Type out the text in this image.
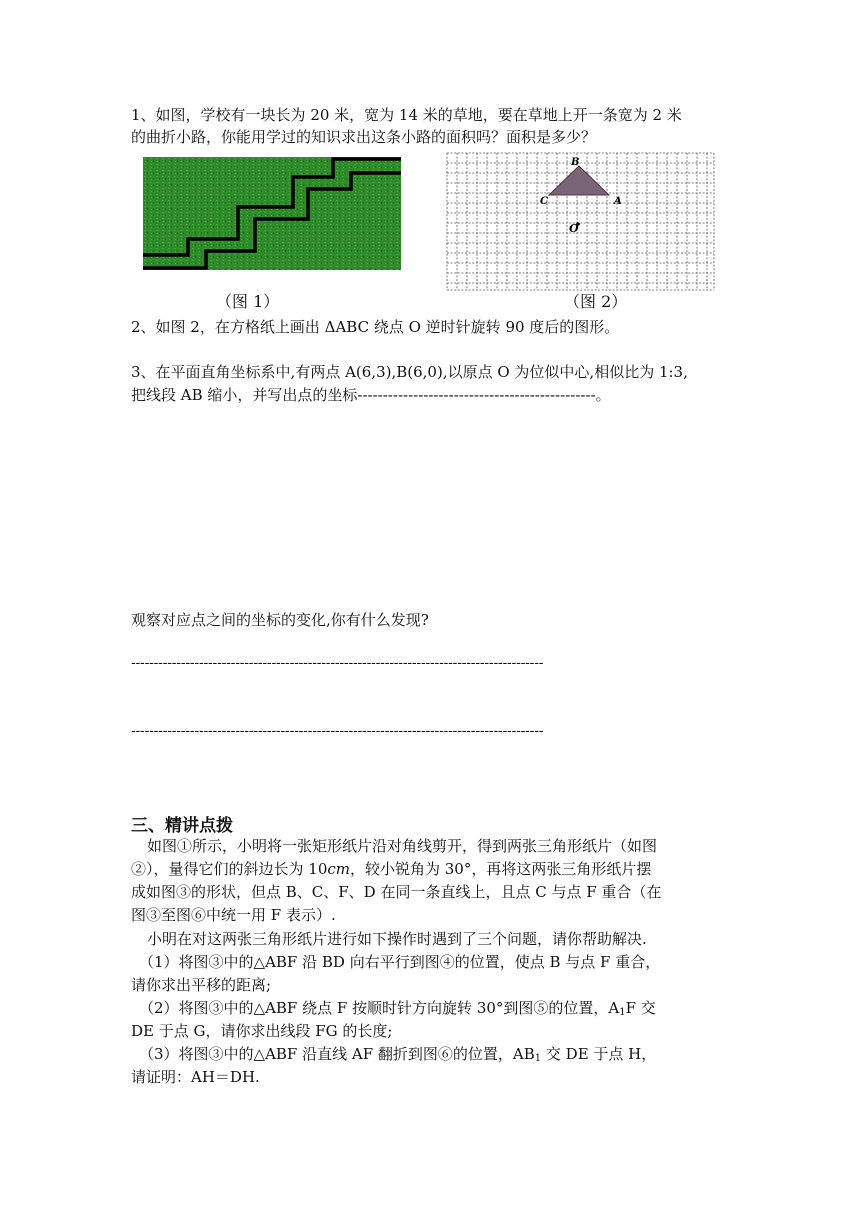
1、如图，学校有一块长为 20 米，宽为 14 米的草地，要在草地上开一条宽为 2 米
的曲折小路，你能用学过的知识求出这条小路的面积吗？面积是多少？
（图 1）
B
C	A
O
（图 2）
2、如图 2，在方格纸上画出 ΔABC 绕点 O 逆时针旋转 90 度后的图形。
3、在平面直角坐标系中,有两点 A(6,3),B(6,0),以原点 O 为位似中心,相似比为 1:3,
把线段 AB 缩小，并写出点的坐标-----------------------------------------------。
观察对应点之间的坐标的变化,你有什么发现?
-------------------------------------------------------------------------------------------
-------------------------------------------------------------------------------------------
三、精讲点拨
如图①所示，小明将一张矩形纸片沿对角线剪开，得到两张三角形纸片（如图
②），量得它们的斜边长为 10cm，较小锐角为 30°，再将这两张三角形纸片摆
成如图③的形状，但点 B、C、F、D 在同一条直线上，且点 C 与点 F 重合（在
图③至图⑥中统一用 F 表示）.
小明在对这两张三角形纸片进行如下操作时遇到了三个问题，请你帮助解决.
（1）将图③中的△ABF 沿 BD 向右平行到图④的位置，使点 B 与点 F 重合，
请你求出平移的距离;
（2）将图③中的△ABF 绕点 F 按顺时针方向旋转 30°到图⑤的位置，$A_1F$ 交
DE 于点 G，请你求出线段 FG 的长度;
（3）将图③中的△ABF 沿直线 AF 翻折到图⑥的位置，$AB_1$ 交 DE 于点 H，
请证明：AH＝DH.
